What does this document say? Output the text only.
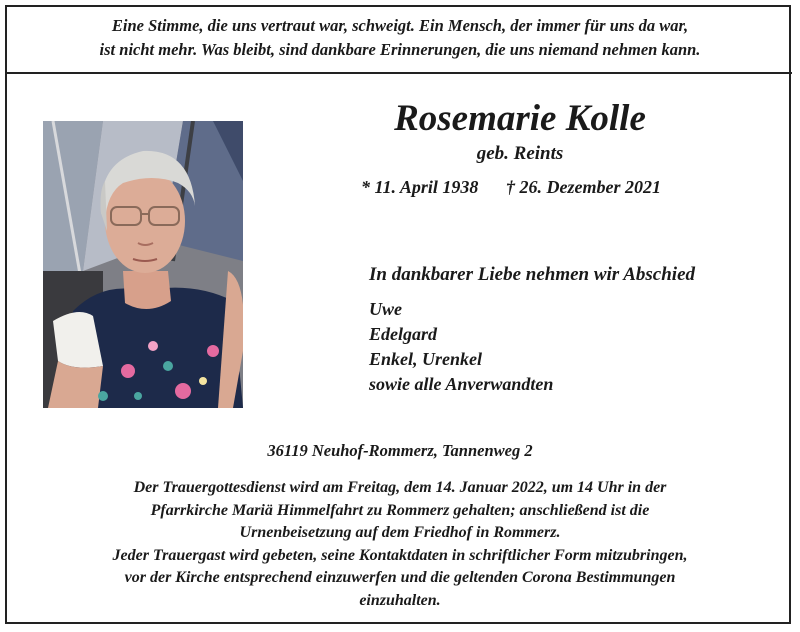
Eine Stimme, die uns vertraut war, schweigt. Ein Mensch, der immer für uns da war,
ist nicht mehr. Was bleibt, sind dankbare Erinnerungen, die uns niemand nehmen kann.
Rosemarie Kolle
geb. Reints
* 11. April 1938 † 26. Dezember 2021
In dankbarer Liebe nehmen wir Abschied
Uwe
Edelgard
Enkel, Urenkel
sowie alle Anverwandten
36119 Neuhof-Rommerz, Tannenweg 2
Der Trauergottesdienst wird am Freitag, dem 14. Januar 2022, um 14 Uhr in der
Pfarrkirche Mariä Himmelfahrt zu Rommerz gehalten; anschließend ist die
Urnenbeisetzung auf dem Friedhof in Rommerz.
Jeder Trauergast wird gebeten, seine Kontaktdaten in schriftlicher Form mitzubringen,
vor der Kirche entsprechend einzuwerfen und die geltenden Corona Bestimmungen
einzuhalten.
